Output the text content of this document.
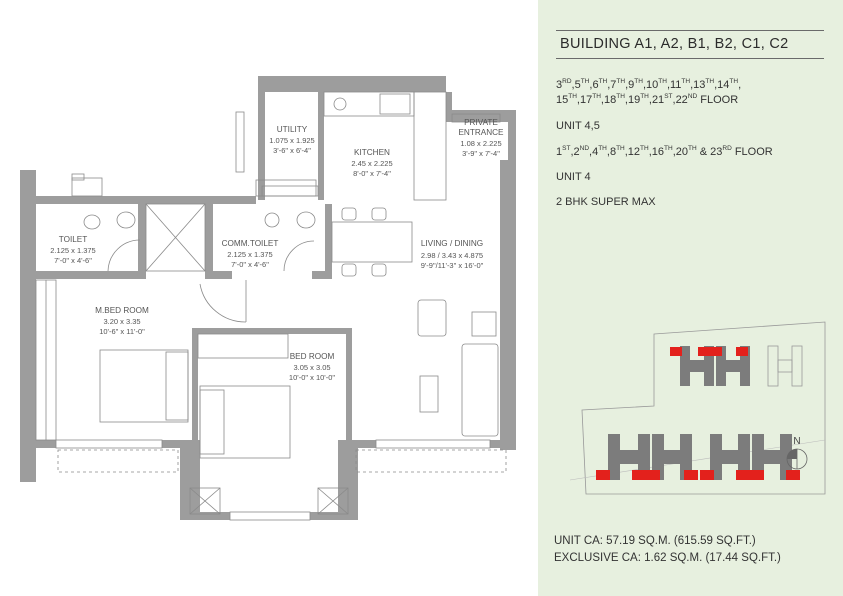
UTILITY
1.075 x 1.925
3'-6" x 6'-4"	KITCHEN
2.45 x 2.225
8'-0" x 7'-4"
PRIVATE
ENTRANCE
1.08 x 2.225
3'-9" x 7'-4"
TOILET
2.125 x 1.375
7'-0" x 4'-6"
COMM.TOILET
2.125 x 1.375
7'-0" x 4'-6"
LIVING / DINING
2.98 / 3.43 x 4.875
9'-9"/11'-3" x 16'-0"
M.BED ROOM
3.20 x 3.35
10'-6" x 11'-0"
BED ROOM
3.05 x 3.05
10'-0" x 10'-0"
BUILDING A1, A2, B1, B2, C1, C2
3RD,5TH,6TH,7TH,9TH,10TH,11TH,13TH,14TH,
15TH,17TH,18TH,19TH,21ST,22ND FLOOR
UNIT 4,5
1ST,2ND,4TH,8TH,12TH,16TH,20TH & 23RD FLOOR
UNIT 4
2 BHK SUPER MAX
N
UNIT CA: 57.19 SQ.M. (615.59 SQ.FT.)
EXCLUSIVE CA: 1.62 SQ.M. (17.44 SQ.FT.)
